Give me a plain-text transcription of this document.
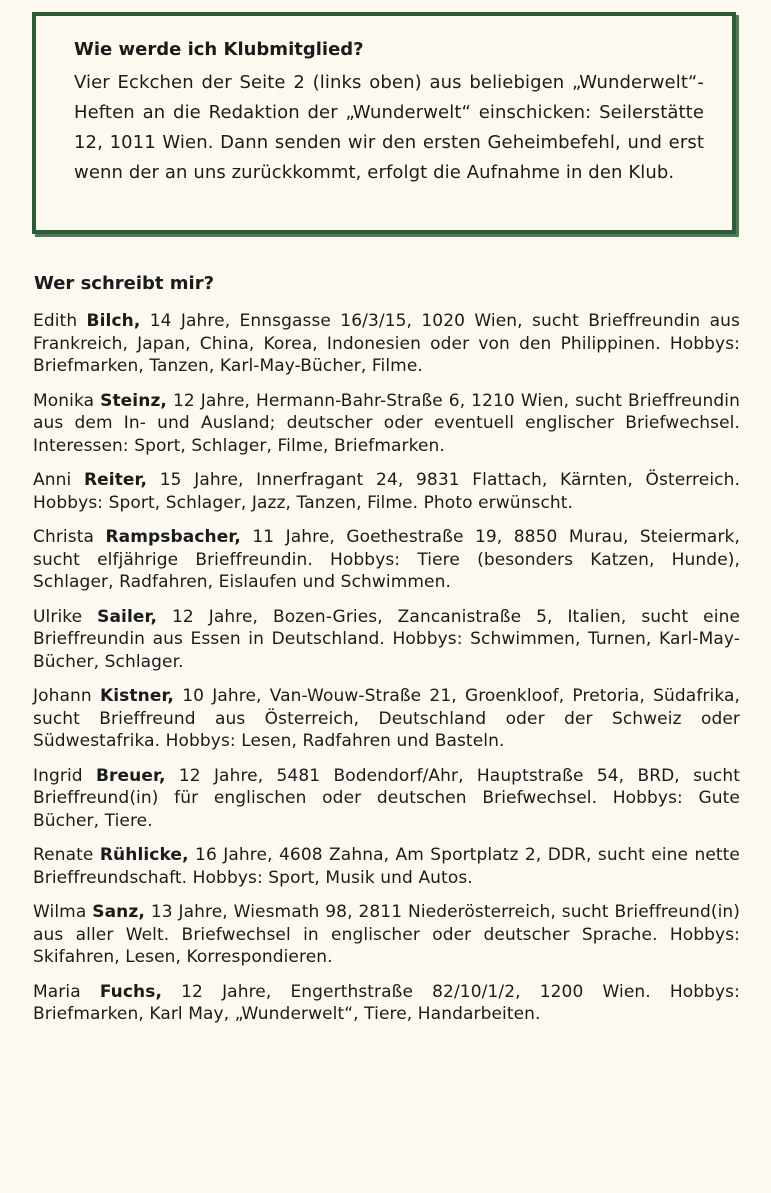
Wie werde ich Klubmitglied?

Vier Eckchen der Seite 2 (links oben) aus beliebigen „Wunderwelt“-Heften an die Redaktion der „Wunderwelt“ einschicken: Seilerstätte 12, 1011 Wien. Dann senden wir den ersten Geheimbefehl, und erst wenn der an uns zurückkommt, erfolgt die Aufnahme in den Klub.

Wer schreibt mir?

Edith Bilch, 14 Jahre, Ennsgasse 16/3/15, 1020 Wien, sucht Brieffreundin aus Frankreich, Japan, China, Korea, Indonesien oder von den Philippinen. Hobbys: Briefmarken, Tanzen, Karl-May-Bücher, Filme.

Monika Steinz, 12 Jahre, Hermann-Bahr-Straße 6, 1210 Wien, sucht Brieffreundin aus dem In- und Ausland; deutscher oder eventuell englischer Briefwechsel. Interessen: Sport, Schlager, Filme, Briefmarken.

Anni Reiter, 15 Jahre, Innerfragant 24, 9831 Flattach, Kärnten, Österreich. Hobbys: Sport, Schlager, Jazz, Tanzen, Filme. Photo erwünscht.

Christa Rampsbacher, 11 Jahre, Goethestraße 19, 8850 Murau, Steiermark, sucht elfjährige Brieffreundin. Hobbys: Tiere (besonders Katzen, Hunde), Schlager, Radfahren, Eislaufen und Schwimmen.

Ulrike Sailer, 12 Jahre, Bozen-Gries, Zancanistraße 5, Italien, sucht eine Brieffreundin aus Essen in Deutschland. Hobbys: Schwimmen, Turnen, Karl-May-Bücher, Schlager.

Johann Kistner, 10 Jahre, Van-Wouw-Straße 21, Groenkloof, Pretoria, Südafrika, sucht Brieffreund aus Österreich, Deutschland oder der Schweiz oder Südwestafrika. Hobbys: Lesen, Radfahren und Basteln.

Ingrid Breuer, 12 Jahre, 5481 Bodendorf/Ahr, Hauptstraße 54, BRD, sucht Brieffreund(in) für englischen oder deutschen Briefwechsel. Hobbys: Gute Bücher, Tiere.

Renate Rühlicke, 16 Jahre, 4608 Zahna, Am Sportplatz 2, DDR, sucht eine nette Brieffreundschaft. Hobbys: Sport, Musik und Autos.

Wilma Sanz, 13 Jahre, Wiesmath 98, 2811 Niederösterreich, sucht Brieffreund(in) aus aller Welt. Briefwechsel in englischer oder deutscher Sprache. Hobbys: Skifahren, Lesen, Korrespondieren.

Maria Fuchs, 12 Jahre, Engerthstraße 82/10/1/2, 1200 Wien. Hobbys: Briefmarken, Karl May, „Wunderwelt“, Tiere, Handarbeiten.
